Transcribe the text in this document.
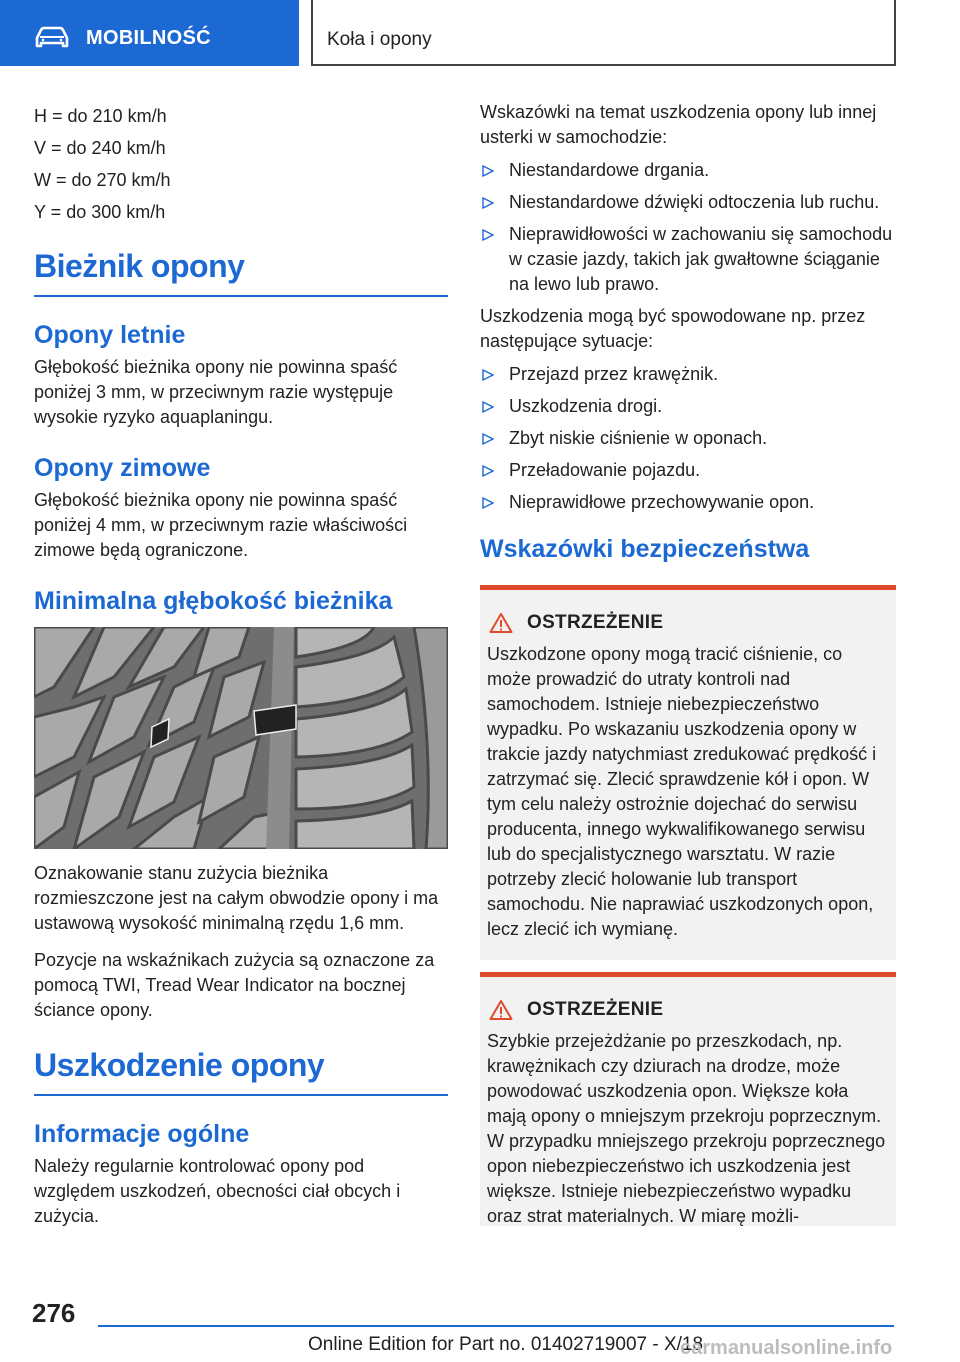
MOBILNOŚĆ	Koła i opony
H = do 210 km/h
V = do 240 km/h
W = do 270 km/h
Y = do 300 km/h
Bieżnik opony
Opony letnie

Głębokość bieżnika opony nie powinna spaść poniżej 3 mm, w przeciwnym razie występuje wysokie ryzyko aquaplaningu.

Opony zimowe

Głębokość bieżnika opony nie powinna spaść poniżej 4 mm, w przeciwnym razie właściwości zimowe będą ograniczone.

Minimalna głębokość bieżnika

Oznakowanie stanu zużycia bieżnika rozmieszczone jest na całym obwodzie opony i ma ustawową wysokość minimalną rzędu 1,6 mm.

Pozycje na wskaźnikach zużycia są oznaczone za pomocą TWI, Tread Wear Indicator na bocznej ściance opony.

Uszkodzenie opony
Informacje ogólne

Należy regularnie kontrolować opony pod względem uszkodzeń, obecności ciał obcych i zużycia.

Wskazówki na temat uszkodzenia opony lub innej usterki w samochodzie:

Niestandardowe drgania.
Niestandardowe dźwięki odtoczenia lub ruchu.
Nieprawidłowości w zachowaniu się samochodu w czasie jazdy, takich jak gwałtowne ściąganie na lewo lub prawo.

Uszkodzenia mogą być spowodowane np. przez następujące sytuacje:

Przejazd przez krawężnik.
Uszkodzenia drogi.
Zbyt niskie ciśnienie w oponach.
Przeładowanie pojazdu.
Nieprawidłowe przechowywanie opon.
Wskazówki bezpieczeństwa
OSTRZEŻENIE

Uszkodzone opony mogą tracić ciśnienie, co może prowadzić do utraty kontroli nad samochodem. Istnieje niebezpieczeństwo wypadku. Po wskazaniu uszkodzenia opony w trakcie jazdy natychmiast zredukować prędkość i zatrzymać się. Zlecić sprawdzenie kół i opon. W tym celu należy ostrożnie dojechać do serwisu producenta, innego wykwalifikowanego serwisu lub do specjalistycznego warsztatu. W razie potrzeby zlecić holowanie lub transport samochodu. Nie naprawiać uszkodzonych opon, lecz zlecić ich wymianę.

OSTRZEŻENIE

Szybkie przejeżdżanie po przeszkodach, np. krawężnikach czy dziurach na drodze, może powodować uszkodzenia opon. Większe koła mają opony o mniejszym przekroju poprzecznym. W przypadku mniejszego przekroju poprzecznego opon niebezpieczeństwo ich uszkodzenia jest większe. Istnieje niebezpieczeństwo wypadku oraz strat materialnych. W miarę możli-

276
Online Edition for Part no. 01402719007 - X/18
carmanualsonline.info
